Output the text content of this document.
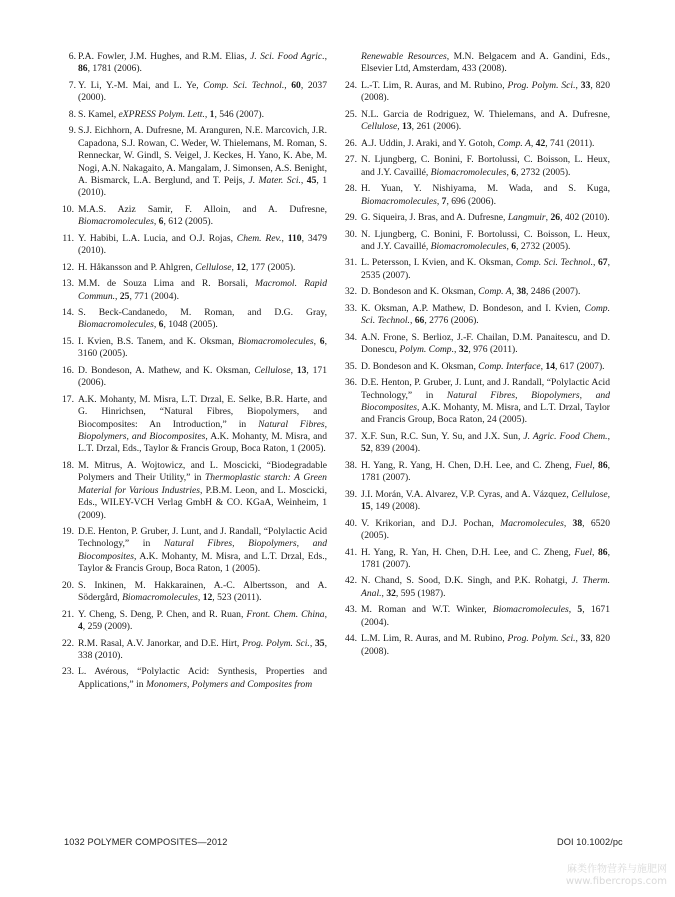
6. P.A. Fowler, J.M. Hughes, and R.M. Elias, J. Sci. Food Agric., 86, 1781 (2006).
7. Y. Li, Y.-M. Mai, and L. Ye, Comp. Sci. Technol., 60, 2037 (2000).
8. S. Kamel, eXPRESS Polym. Lett., 1, 546 (2007).
9. S.J. Eichhorn, A. Dufresne, M. Aranguren, N.E. Marcovich, J.R. Capadona, S.J. Rowan, C. Weder, W. Thielemans, M. Roman, S. Renneckar, W. Gindl, S. Veigel, J. Keckes, H. Yano, K. Abe, M. Nogi, A.N. Nakagaito, A. Mangalam, J. Simonsen, A.S. Benight, A. Bismarck, L.A. Berglund, and T. Peijs, J. Mater. Sci., 45, 1 (2010).
10. M.A.S. Aziz Samir, F. Alloin, and A. Dufresne, Biomacromolecules, 6, 612 (2005).
11. Y. Habibi, L.A. Lucia, and O.J. Rojas, Chem. Rev., 110, 3479 (2010).
12. H. Håkansson and P. Ahlgren, Cellulose, 12, 177 (2005).
13. M.M. de Souza Lima and R. Borsali, Macromol. Rapid Commun., 25, 771 (2004).
14. S. Beck-Candanedo, M. Roman, and D.G. Gray, Biomacromolecules, 6, 1048 (2005).
15. I. Kvien, B.S. Tanem, and K. Oksman, Biomacromolecules, 6, 3160 (2005).
16. D. Bondeson, A. Mathew, and K. Oksman, Cellulose, 13, 171 (2006).
17. A.K. Mohanty, M. Misra, L.T. Drzal, E. Selke, B.R. Harte, and G. Hinrichsen, “Natural Fibres, Biopolymers, and Biocomposites: An Introduction,” in Natural Fibres, Biopolymers, and Biocomposites, A.K. Mohanty, M. Misra, and L.T. Drzal, Eds., Taylor & Francis Group, Boca Raton, 1 (2005).
18. M. Mitrus, A. Wojtowicz, and L. Moscicki, “Biodegradable Polymers and Their Utility,” in Thermoplastic starch: A Green Material for Various Industries, P.B.M. Leon, and L. Moscicki, Eds., WILEY-VCH Verlag GmbH & CO. KGaA, Weinheim, 1 (2009).
19. D.E. Henton, P. Gruber, J. Lunt, and J. Randall, “Polylactic Acid Technology,” in Natural Fibres, Biopolymers, and Biocomposites, A.K. Mohanty, M. Misra, and L.T. Drzal, Eds., Taylor & Francis Group, Boca Raton, 1 (2005).
20. S. Inkinen, M. Hakkarainen, A.-C. Albertsson, and A. Södergård, Biomacromolecules, 12, 523 (2011).
21. Y. Cheng, S. Deng, P. Chen, and R. Ruan, Front. Chem. China, 4, 259 (2009).
22. R.M. Rasal, A.V. Janorkar, and D.E. Hirt, Prog. Polym. Sci., 35, 338 (2010).
23. L. Avérous, “Polylactic Acid: Synthesis, Properties and Applications,” in Monomers, Polymers and Composites from
Renewable Resources, M.N. Belgacem and A. Gandini, Eds., Elsevier Ltd, Amsterdam, 433 (2008).
24. L.-T. Lim, R. Auras, and M. Rubino, Prog. Polym. Sci., 33, 820 (2008).
25. N.L. Garcia de Rodriguez, W. Thielemans, and A. Dufresne, Cellulose, 13, 261 (2006).
26. A.J. Uddin, J. Araki, and Y. Gotoh, Comp. A, 42, 741 (2011).
27. N. Ljungberg, C. Bonini, F. Bortolussi, C. Boisson, L. Heux, and J.Y. Cavaillé, Biomacromolecules, 6, 2732 (2005).
28. H. Yuan, Y. Nishiyama, M. Wada, and S. Kuga, Biomacromolecules, 7, 696 (2006).
29. G. Siqueira, J. Bras, and A. Dufresne, Langmuir, 26, 402 (2010).
30. N. Ljungberg, C. Bonini, F. Bortolussi, C. Boisson, L. Heux, and J.Y. Cavaillé, Biomacromolecules, 6, 2732 (2005).
31. L. Petersson, I. Kvien, and K. Oksman, Comp. Sci. Technol., 67, 2535 (2007).
32. D. Bondeson and K. Oksman, Comp. A, 38, 2486 (2007).
33. K. Oksman, A.P. Mathew, D. Bondeson, and I. Kvien, Comp. Sci. Technol., 66, 2776 (2006).
34. A.N. Frone, S. Berlioz, J.-F. Chailan, D.M. Panaitescu, and D. Donescu, Polym. Comp., 32, 976 (2011).
35. D. Bondeson and K. Oksman, Comp. Interface, 14, 617 (2007).
36. D.E. Henton, P. Gruber, J. Lunt, and J. Randall, “Polylactic Acid Technology,” in Natural Fibres, Biopolymers, and Biocomposites, A.K. Mohanty, M. Misra, and L.T. Drzal, Taylor and Francis Group, Boca Raton, 24 (2005).
37. X.F. Sun, R.C. Sun, Y. Su, and J.X. Sun, J. Agric. Food Chem., 52, 839 (2004).
38. H. Yang, R. Yang, H. Chen, D.H. Lee, and C. Zheng, Fuel, 86, 1781 (2007).
39. J.I. Morán, V.A. Alvarez, V.P. Cyras, and A. Vázquez, Cellulose, 15, 149 (2008).
40. V. Krikorian, and D.J. Pochan, Macromolecules, 38, 6520 (2005).
41. H. Yang, R. Yan, H. Chen, D.H. Lee, and C. Zheng, Fuel, 86, 1781 (2007).
42. N. Chand, S. Sood, D.K. Singh, and P.K. Rohatgi, J. Therm. Anal., 32, 595 (1987).
43. M. Roman and W.T. Winker, Biomacromolecules, 5, 1671 (2004).
44. L.M. Lim, R. Auras, and M. Rubino, Prog. Polym. Sci., 33, 820 (2008).
1032 POLYMER COMPOSITES—2012	DOI 10.1002/pc
麻类作物营养与施肥网
www.fibercrops.com
